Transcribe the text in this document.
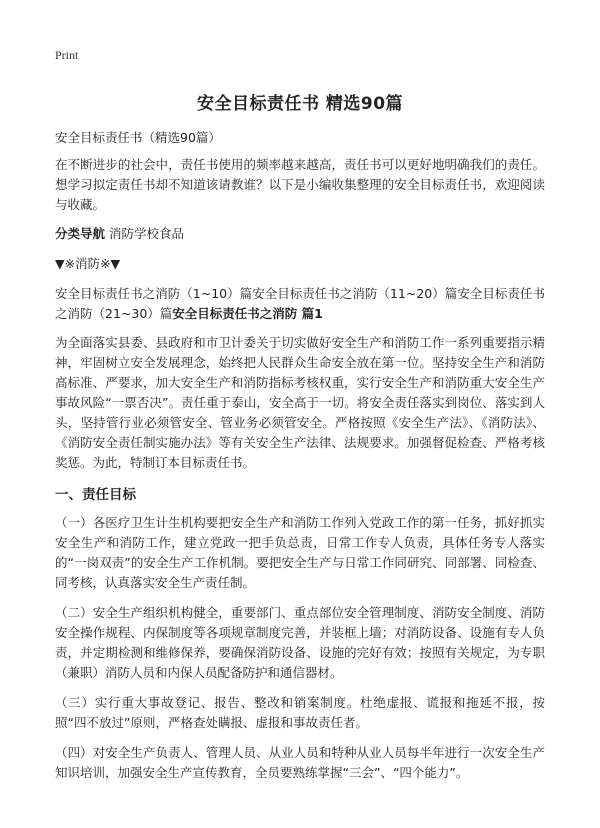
Print
安全目标责任书 精选90篇
安全目标责任书（精选90篇）

在不断进步的社会中，责任书使用的频率越来越高，责任书可以更好地明确我们的责任。想学习拟定责任书却不知道该请教谁？以下是小编收集整理的安全目标责任书，欢迎阅读与收藏。

分类导航 消防学校食品
▼※消防※▼

安全目标责任书之消防（1~10）篇安全目标责任书之消防（11~20）篇安全目标责任书之消防（21~30）篇安全目标责任书之消防 篇1

为全面落实县委、县政府和市卫计委关于切实做好安全生产和消防工作一系列重要指示精神，牢固树立安全发展理念，始终把人民群众生命安全放在第一位。坚持安全生产和消防高标准、严要求，加大安全生产和消防指标考核权重，实行安全生产和消防重大安全生产事故风险“一票否决”。责任重于泰山，安全高于一切。将安全责任落实到岗位、落实到人头，坚持管行业必须管安全、管业务必须管安全。严格按照《安全生产法》、《消防法》、《消防安全责任制实施办法》等有关安全生产法律、法规要求。加强督促检查、严格考核奖惩。为此，特制订本目标责任书。

一、责任目标

（一）各医疗卫生计生机构要把安全生产和消防工作列入党政工作的第一任务，抓好抓实安全生产和消防工作，建立党政一把手负总责，日常工作专人负责，具体任务专人落实的“一岗双责”的安全生产工作机制。要把安全生产与日常工作同研究、同部署、同检查、同考核，认真落实安全生产责任制。

（二）安全生产组织机构健全，重要部门、重点部位安全管理制度、消防安全制度、消防安全操作规程、内保制度等各项规章制度完善，并装框上墙；对消防设备、设施有专人负责，并定期检测和维修保养，要确保消防设备、设施的完好有效；按照有关规定，为专职（兼职）消防人员和内保人员配备防护和通信器材。

（三）实行重大事故登记、报告、整改和销案制度。杜绝虚报、谎报和拖延不报，按照“四不放过”原则，严格查处瞒报、虚报和事故责任者。

（四）对安全生产负责人、管理人员、从业人员和特种从业人员每半年进行一次安全生产知识培训，加强安全生产宣传教育，全员要熟练掌握“三会”、“四个能力”。
